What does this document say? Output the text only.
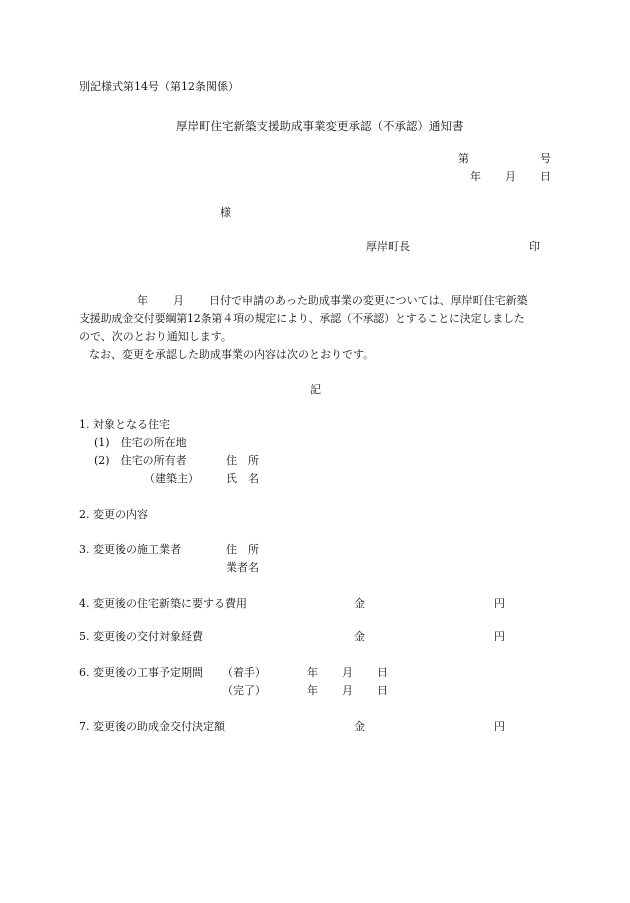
別記様式第14号（第12条関係）
厚岸町住宅新築支援助成事業変更承認（不承認）通知書
第	号
年 月 日
様
厚岸町長	印
年 月 日付で申請のあった助成事業の変更については、厚岸町住宅新築
支援助成金交付要綱第12条第４項の規定により、承認（不承認）とすることに決定しました
ので、次のとおり通知します。
なお、変更を承認した助成事業の内容は次のとおりです。
記
1. 対象となる住宅
(1)　住宅の所在地
(2)　住宅の所有者	住　所
（建築主） 氏　名
2. 変更の内容
3. 変更後の施工業者	住　所
業者名
4. 変更後の住宅新築に要する費用	金	円
5. 変更後の交付対象経費	金	円
6. 変更後の工事予定期間 （着手）	年 月 日
（完了）	年 月 日
7. 変更後の助成金交付決定額	金	円
